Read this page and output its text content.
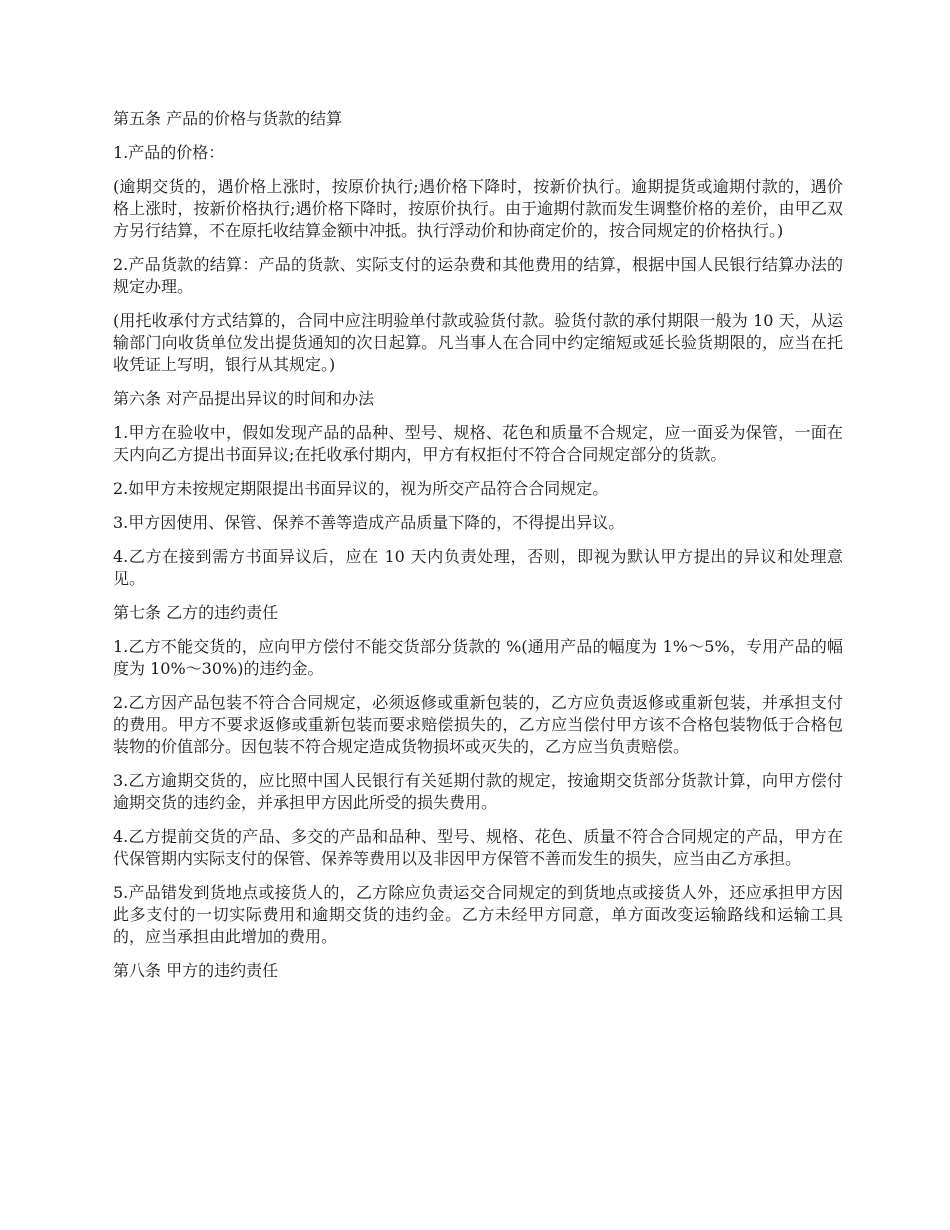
第五条 产品的价格与货款的结算
1.产品的价格：
(逾期交货的，遇价格上涨时，按原价执行;遇价格下降时，按新价执行。逾期提货或逾期付款的，遇价格上涨时，按新价格执行;遇价格下降时，按原价执行。由于逾期付款而发生调整价格的差价，由甲乙双方另行结算，不在原托收结算金额中冲抵。执行浮动价和协商定价的，按合同规定的价格执行。)
2.产品货款的结算：产品的货款、实际支付的运杂费和其他费用的结算，根据中国人民银行结算办法的规定办理。
(用托收承付方式结算的，合同中应注明验单付款或验货付款。验货付款的承付期限一般为 10 天，从运输部门向收货单位发出提货通知的次日起算。凡当事人在合同中约定缩短或延长验货期限的，应当在托收凭证上写明，银行从其规定。)
第六条 对产品提出异议的时间和办法
1.甲方在验收中，假如发现产品的品种、型号、规格、花色和质量不合规定，应一面妥为保管，一面在 天内向乙方提出书面异议;在托收承付期内，甲方有权拒付不符合合同规定部分的货款。
2.如甲方未按规定期限提出书面异议的，视为所交产品符合合同规定。
3.甲方因使用、保管、保养不善等造成产品质量下降的，不得提出异议。
4.乙方在接到需方书面异议后，应在 10 天内负责处理，否则，即视为默认甲方提出的异议和处理意见。
第七条 乙方的违约责任
1.乙方不能交货的，应向甲方偿付不能交货部分货款的 %(通用产品的幅度为 1%～5%，专用产品的幅度为 10%～30%)的违约金。
2.乙方因产品包装不符合合同规定，必须返修或重新包装的，乙方应负责返修或重新包装，并承担支付的费用。甲方不要求返修或重新包装而要求赔偿损失的，乙方应当偿付甲方该不合格包装物低于合格包装物的价值部分。因包装不符合规定造成货物损坏或灭失的，乙方应当负责赔偿。
3.乙方逾期交货的，应比照中国人民银行有关延期付款的规定，按逾期交货部分货款计算，向甲方偿付逾期交货的违约金，并承担甲方因此所受的损失费用。
4.乙方提前交货的产品、多交的产品和品种、型号、规格、花色、质量不符合合同规定的产品，甲方在代保管期内实际支付的保管、保养等费用以及非因甲方保管不善而发生的损失，应当由乙方承担。
5.产品错发到货地点或接货人的，乙方除应负责运交合同规定的到货地点或接货人外，还应承担甲方因此多支付的一切实际费用和逾期交货的违约金。乙方未经甲方同意，单方面改变运输路线和运输工具的，应当承担由此增加的费用。
第八条 甲方的违约责任
